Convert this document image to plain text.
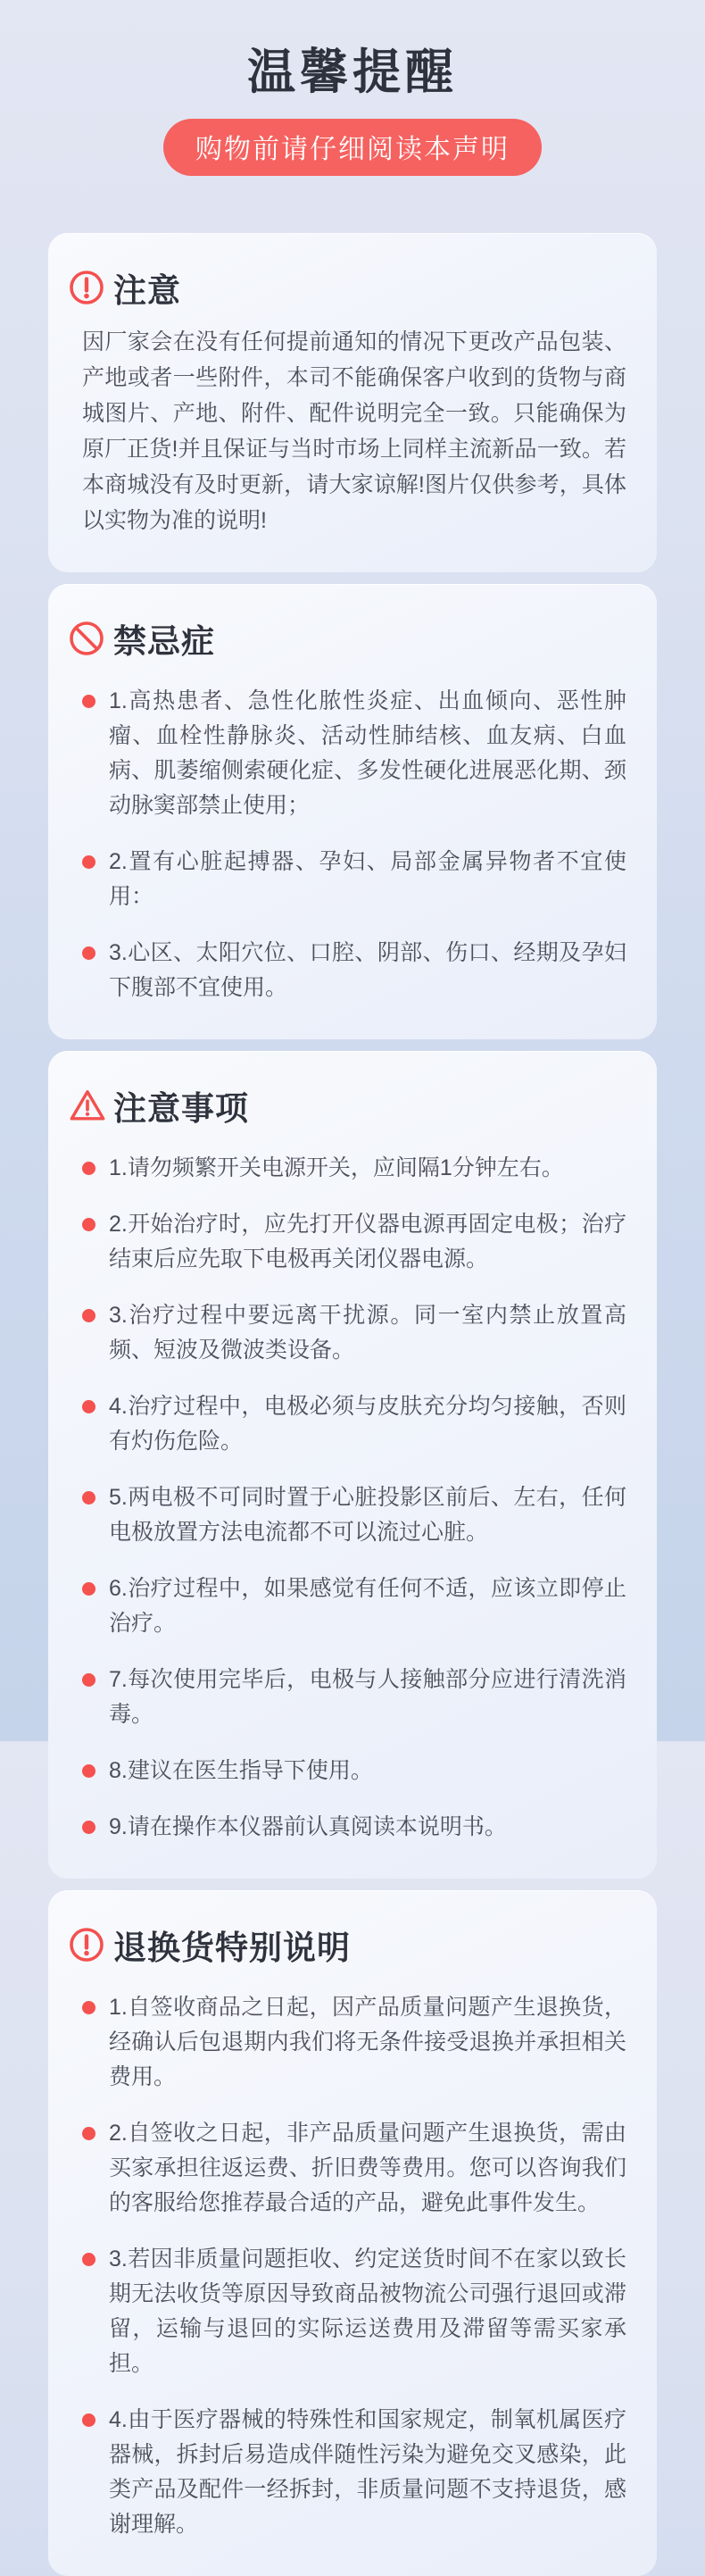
温馨提醒
购物前请仔细阅读本声明
注意

因厂家会在没有任何提前通知的情况下更改产品包装、产地或者一些附件，本司不能确保客户收到的货物与商城图片、产地、附件、配件说明完全一致。只能确保为原厂正货!并且保证与当时市场上同样主流新品一致。若本商城没有及时更新，请大家谅解!图片仅供参考，具体以实物为准的说明!

禁忌症
1.高热患者、急性化脓性炎症、出血倾向、恶性肿瘤、血栓性静脉炎、活动性肺结核、血友病、白血病、肌萎缩侧索硬化症、多发性硬化进展恶化期、颈动脉窦部禁止使用；
2.置有心脏起搏器、孕妇、局部金属异物者不宜使用：
3.心区、太阳穴位、口腔、阴部、伤口、经期及孕妇下腹部不宜使用。
注意事项
1.请勿频繁开关电源开关，应间隔1分钟左右。
2.开始治疗时，应先打开仪器电源再固定电极；治疗结束后应先取下电极再关闭仪器电源。
3.治疗过程中要远离干扰源。同一室内禁止放置高频、短波及微波类设备。
4.治疗过程中，电极必须与皮肤充分均匀接触，否则有灼伤危险。
5.两电极不可同时置于心脏投影区前后、左右，任何电极放置方法电流都不可以流过心脏。
6.治疗过程中，如果感觉有任何不适，应该立即停止治疗。
7.每次使用完毕后，电极与人接触部分应进行清洗消毒。
8.建议在医生指导下使用。
9.请在操作本仪器前认真阅读本说明书。
退换货特别说明
1.自签收商品之日起，因产品质量问题产生退换货，经确认后包退期内我们将无条件接受退换并承担相关费用。
2.自签收之日起，非产品质量问题产生退换货，需由买家承担往返运费、折旧费等费用。您可以咨询我们的客服给您推荐最合适的产品，避免此事件发生。
3.若因非质量问题拒收、约定送货时间不在家以致长期无法收货等原因导致商品被物流公司强行退回或滞留，运输与退回的实际运送费用及滞留等需买家承担。
4.由于医疗器械的特殊性和国家规定，制氧机属医疗器械，拆封后易造成伴随性污染为避免交叉感染，此类产品及配件一经拆封，非质量问题不支持退货，感谢理解。
